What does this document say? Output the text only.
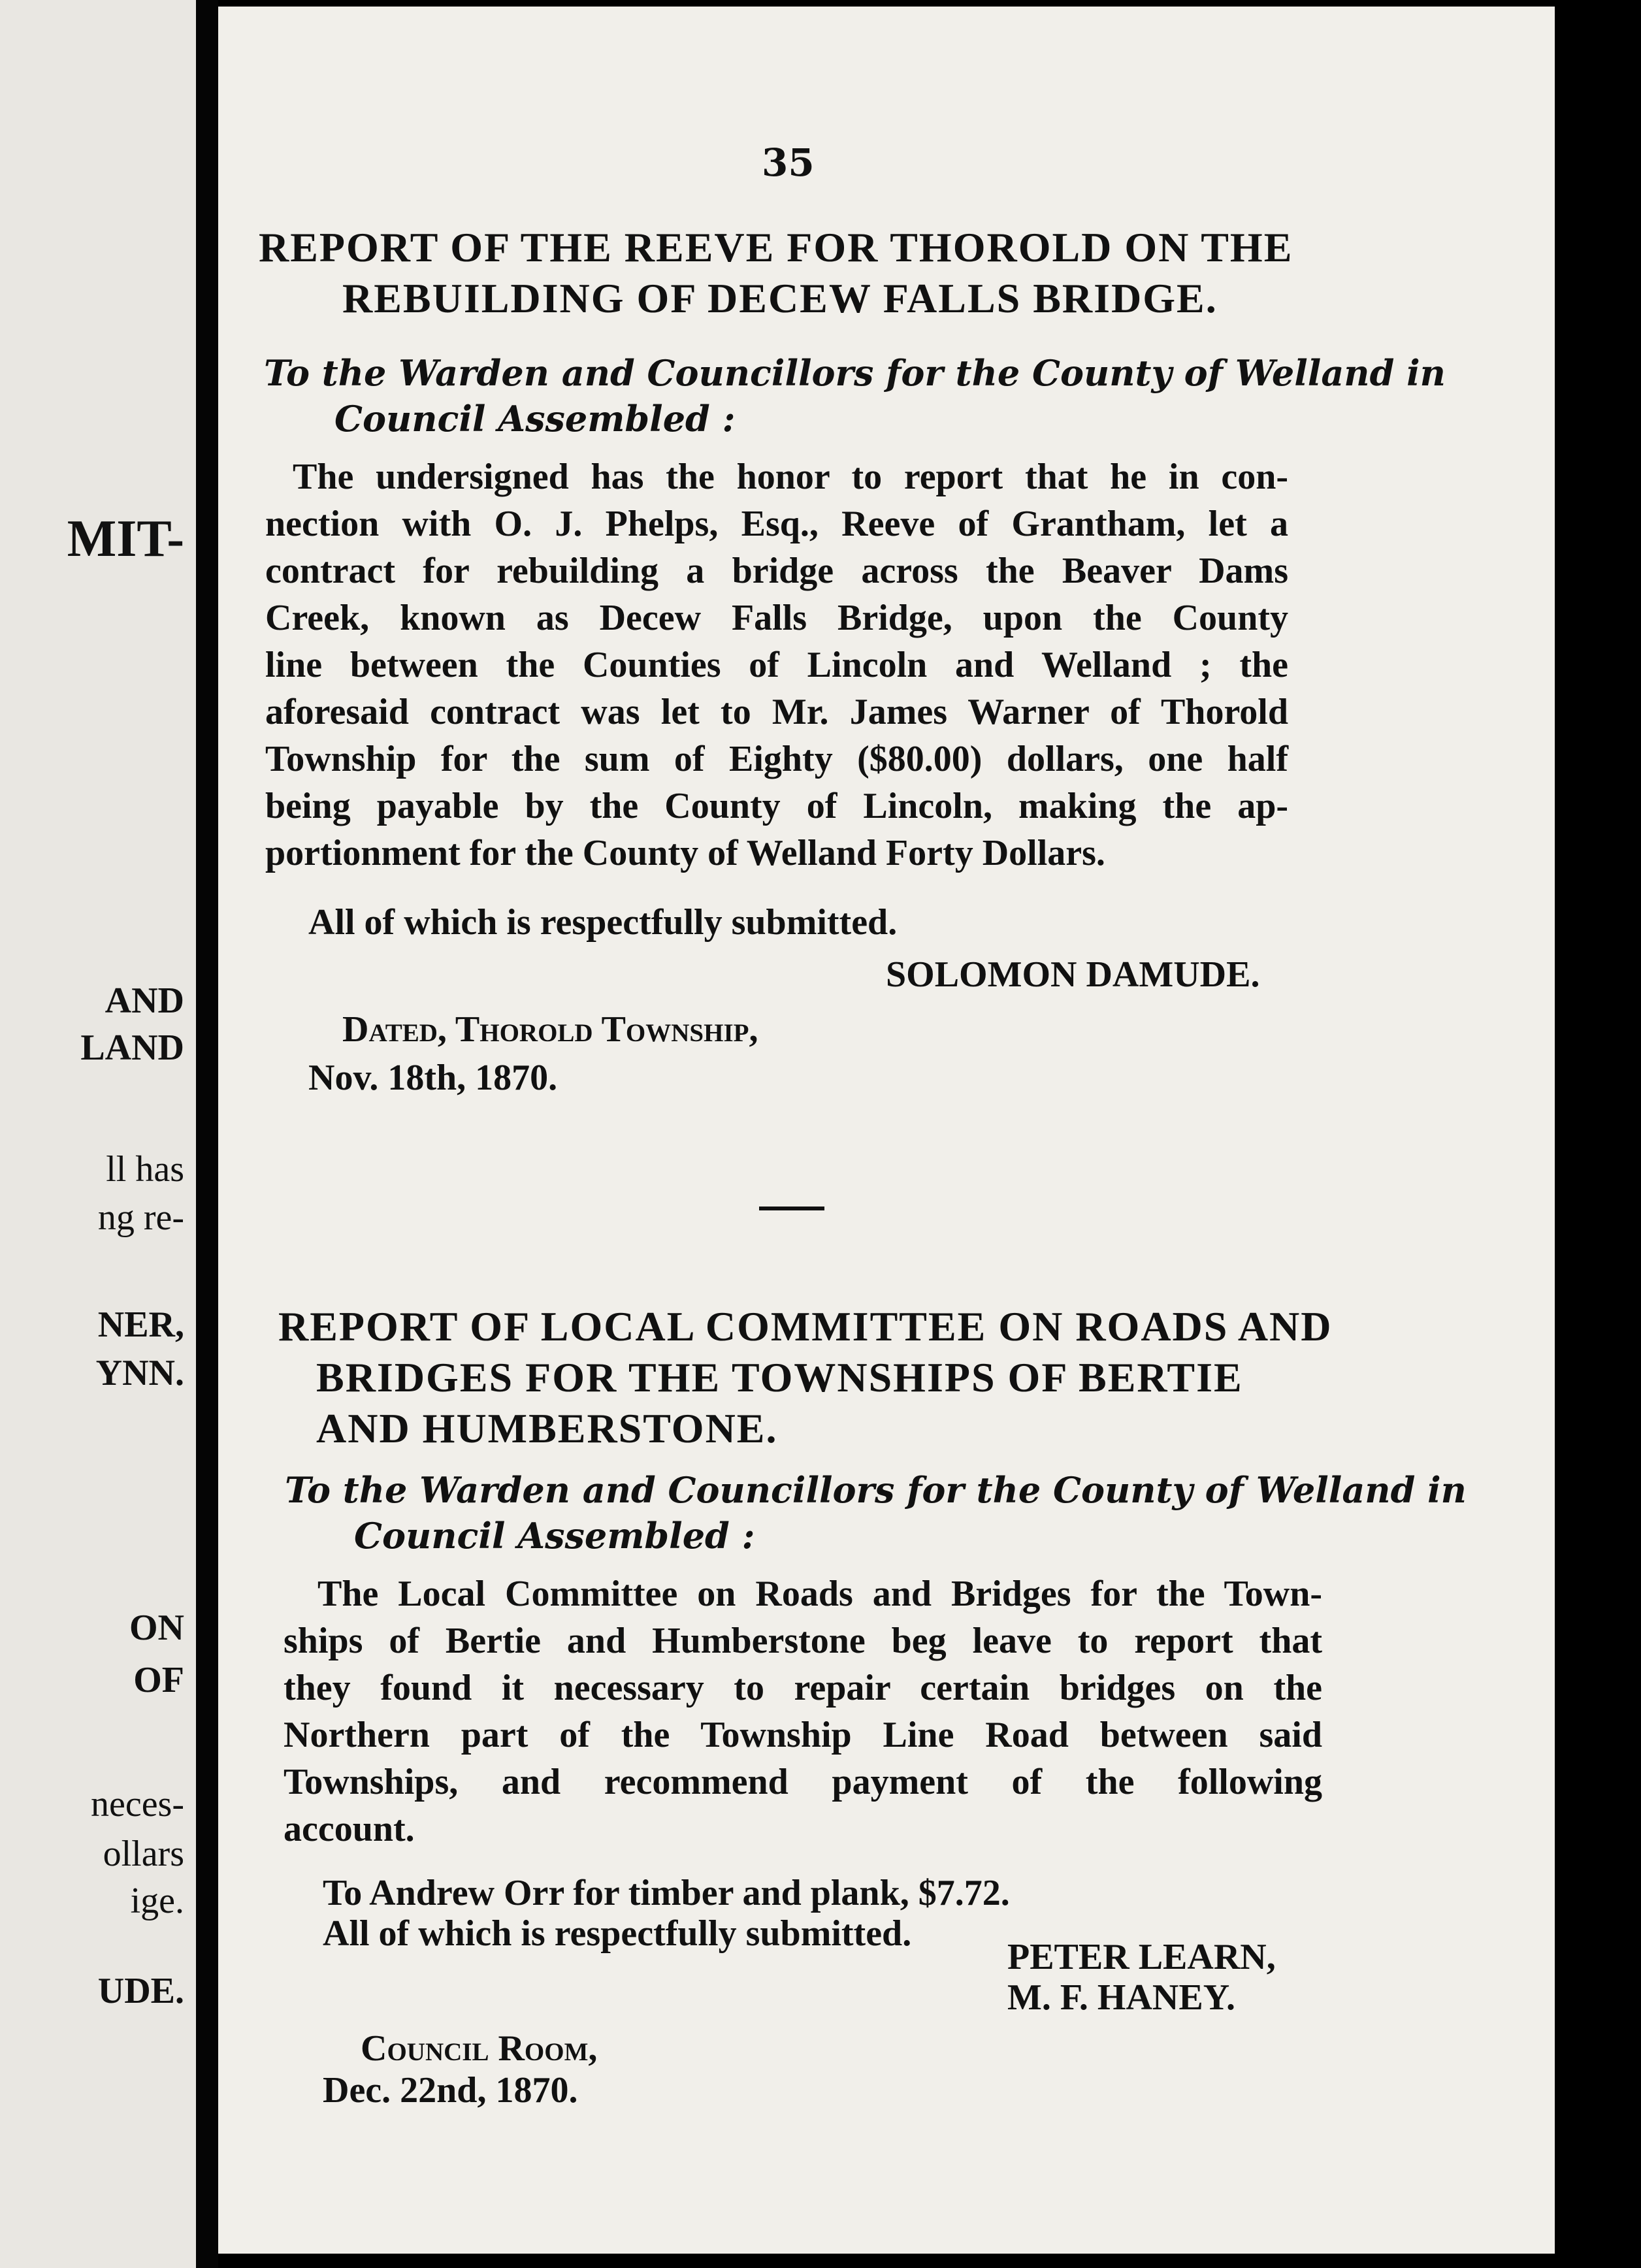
MIT-
AND
LAND
ll has
ng re-
NER,
YNN.
ON
OF
neces-
ollars
ige.
UDE.
35
REPORT OF THE REEVE FOR THOROLD ON THE
REBUILDING OF DECEW FALLS BRIDGE.

To the Warden and Councillors for the County of Welland in
Council Assembled :

The undersigned has the honor to report that he in con-
nection with O. J. Phelps, Esq., Reeve of Grantham, let a
contract for rebuilding a bridge across the Beaver Dams
Creek, known as Decew Falls Bridge, upon the County
line between the Counties of Lincoln and Welland ; the
aforesaid contract was let to Mr. James Warner of Thorold
Township for the sum of Eighty ($80.00) dollars, one half
being payable by the County of Lincoln, making the ap-
portionment for the County of Welland Forty Dollars.
All of which is respectfully submitted.
SOLOMON DAMUDE.
Dated, Thorold Township,
Nov. 18th, 1870.
REPORT OF LOCAL COMMITTEE ON ROADS AND
BRIDGES FOR THE TOWNSHIPS OF BERTIE
AND HUMBERSTONE.

To the Warden and Councillors for the County of Welland in
Council Assembled :

The Local Committee on Roads and Bridges for the Town-
ships of Bertie and Humberstone beg leave to report that
they found it necessary to repair certain bridges on the
Northern part of the Township Line Road between said
Townships, and recommend payment of the following
account.
To Andrew Orr for timber and plank, $7.72.
All of which is respectfully submitted.
PETER LEARN,
M. F. HANEY.
Council Room,
Dec. 22nd, 1870.
